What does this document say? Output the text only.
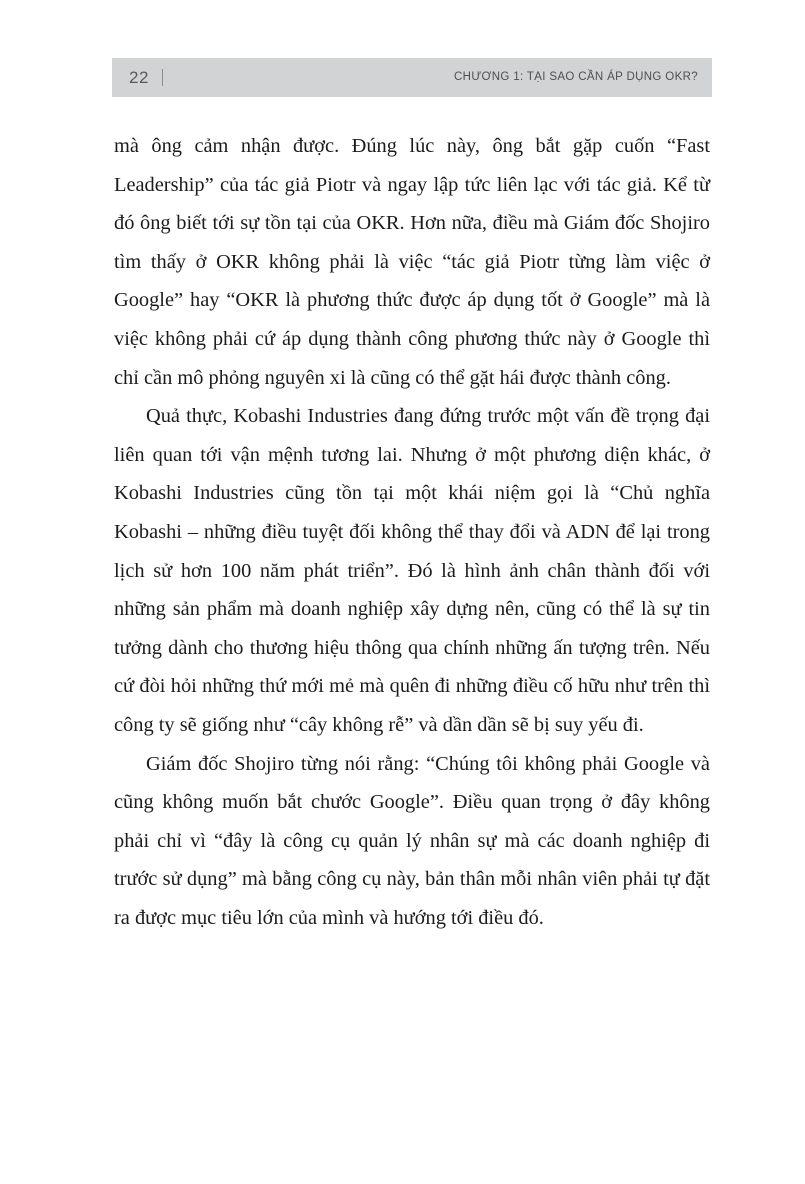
22	CHƯƠNG 1: TẠI SAO CẦN ÁP DỤNG OKR?

mà ông cảm nhận được. Đúng lúc này, ông bắt gặp cuốn “Fast Leadership” của tác giả Piotr và ngay lập tức liên lạc với tác giả. Kể từ đó ông biết tới sự tồn tại của OKR. Hơn nữa, điều mà Giám đốc Shojiro tìm thấy ở OKR không phải là việc “tác giả Piotr từng làm việc ở Google” hay “OKR là phương thức được áp dụng tốt ở Google” mà là việc không phải cứ áp dụng thành công phương thức này ở Google thì chỉ cần mô phỏng nguyên xi là cũng có thể gặt hái được thành công.

Quả thực, Kobashi Industries đang đứng trước một vấn đề trọng đại liên quan tới vận mệnh tương lai. Nhưng ở một phương diện khác, ở Kobashi Industries cũng tồn tại một khái niệm gọi là “Chủ nghĩa Kobashi – những điều tuyệt đối không thể thay đổi và ADN để lại trong lịch sử hơn 100 năm phát triển”. Đó là hình ảnh chân thành đối với những sản phẩm mà doanh nghiệp xây dựng nên, cũng có thể là sự tin tưởng dành cho thương hiệu thông qua chính những ấn tượng trên. Nếu cứ đòi hỏi những thứ mới mẻ mà quên đi những điều cố hữu như trên thì công ty sẽ giống như “cây không rễ” và dần dần sẽ bị suy yếu đi.

Giám đốc Shojiro từng nói rằng: “Chúng tôi không phải Google và cũng không muốn bắt chước Google”. Điều quan trọng ở đây không phải chỉ vì “đây là công cụ quản lý nhân sự mà các doanh nghiệp đi trước sử dụng” mà bằng công cụ này, bản thân mỗi nhân viên phải tự đặt ra được mục tiêu lớn của mình và hướng tới điều đó.
